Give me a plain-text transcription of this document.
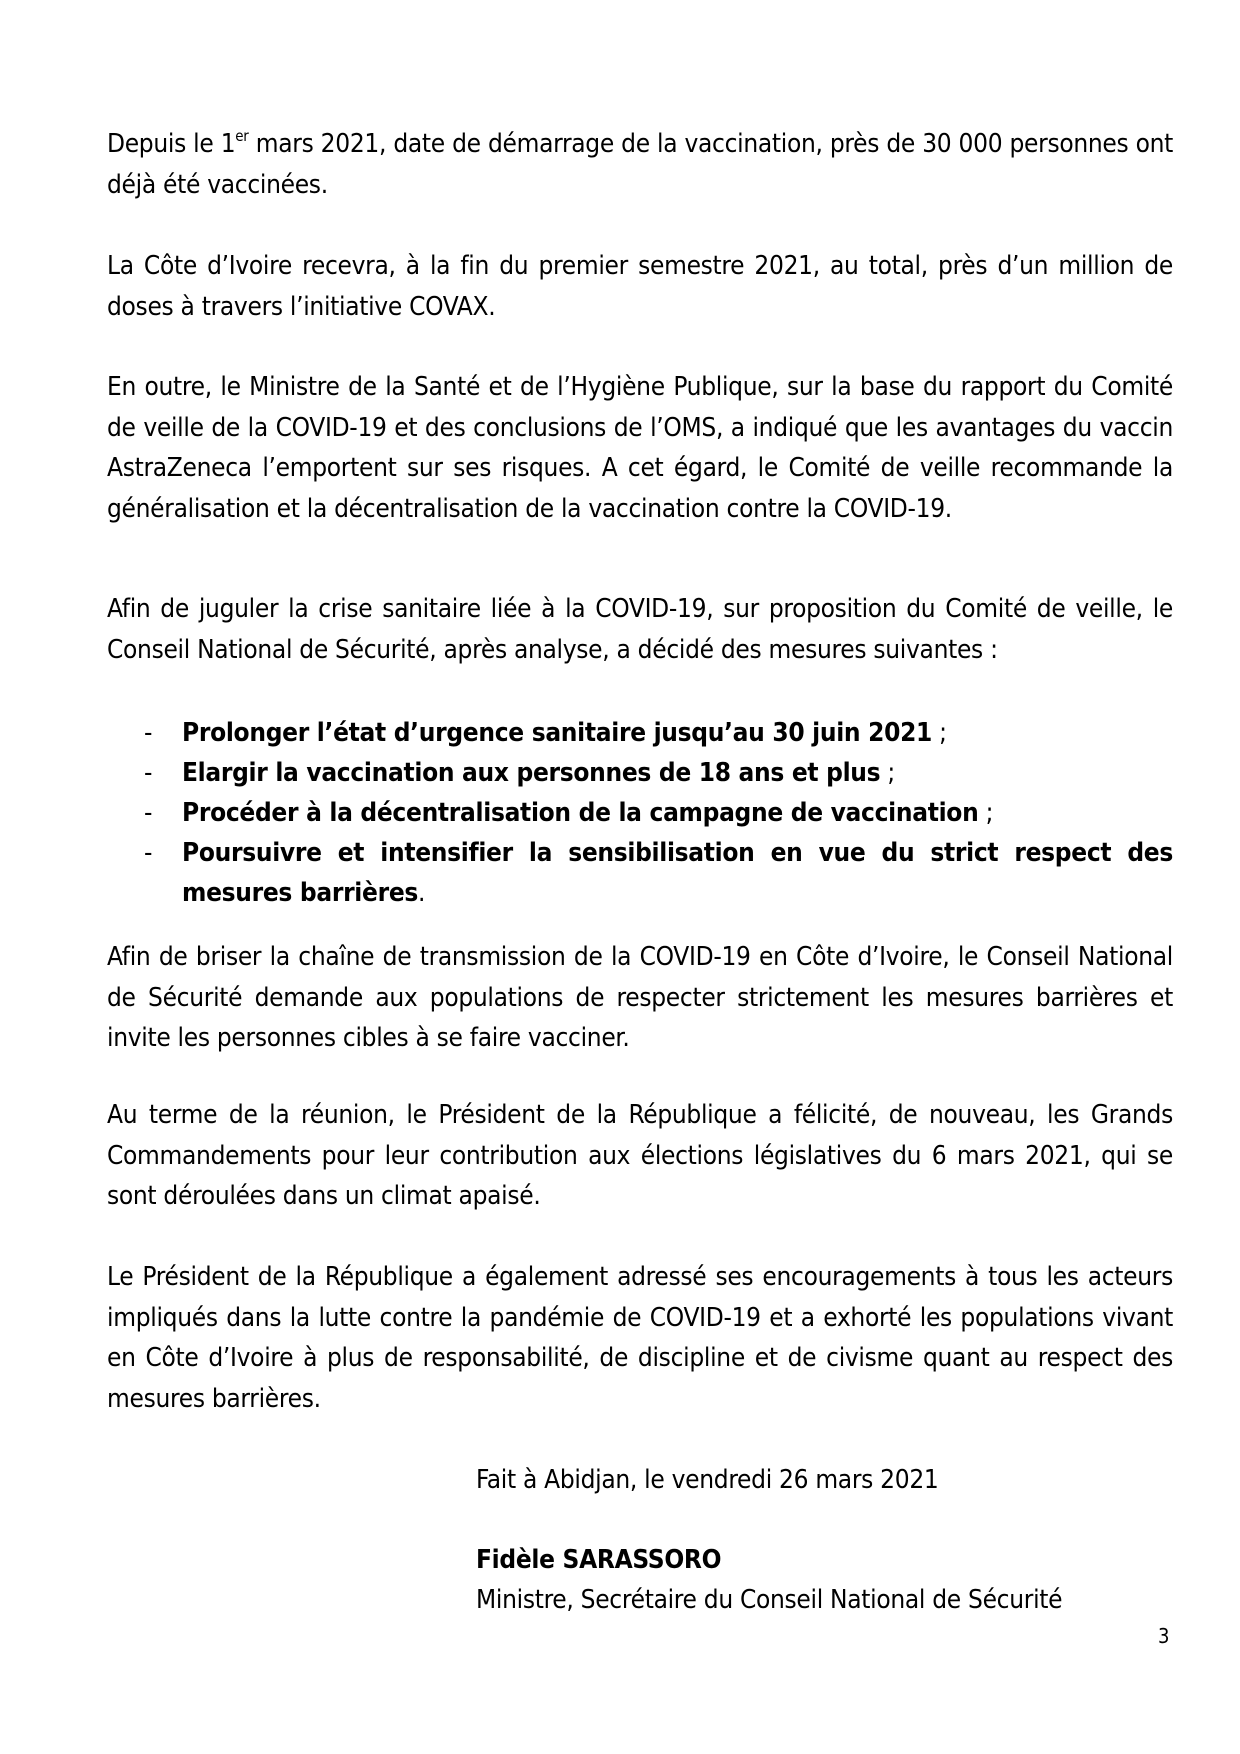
Depuis le 1er mars 2021, date de démarrage de la vaccination, près de 30 000 personnes ont déjà été vaccinées.

La Côte d’Ivoire recevra, à la fin du premier semestre 2021, au total, près d’un million de doses à travers l’initiative COVAX.

En outre, le Ministre de la Santé et de l’Hygiène Publique, sur la base du rapport du Comité de veille de la COVID-19 et des conclusions de l’OMS, a indiqué que les avantages du vaccin AstraZeneca l’emportent sur ses risques. A cet égard, le Comité de veille recommande la généralisation et la décentralisation de la vaccination contre la COVID-19.

Afin de juguler la crise sanitaire liée à la COVID-19, sur proposition du Comité de veille, le Conseil National de Sécurité, après analyse, a décidé des mesures suivantes :

- Prolonger l’état d’urgence sanitaire jusqu’au 30 juin 2021 ;
- Elargir la vaccination aux personnes de 18 ans et plus ;
- Procéder à la décentralisation de la campagne de vaccination ;
- Poursuivre et intensifier la sensibilisation en vue du strict respect des mesures barrières.

Afin de briser la chaîne de transmission de la COVID-19 en Côte d’Ivoire, le Conseil National de Sécurité demande aux populations de respecter strictement les mesures barrières et invite les personnes cibles à se faire vacciner.

Au terme de la réunion, le Président de la République a félicité, de nouveau, les Grands Commandements pour leur contribution aux élections législatives du 6 mars 2021, qui se sont déroulées dans un climat apaisé.

Le Président de la République a également adressé ses encouragements à tous les acteurs impliqués dans la lutte contre la pandémie de COVID-19 et a exhorté les populations vivant en Côte d’Ivoire à plus de responsabilité, de discipline et de civisme quant au respect des mesures barrières.

Fait à Abidjan, le vendredi 26 mars 2021
Fidèle SARASSORO
Ministre, Secrétaire du Conseil National de Sécurité
3
